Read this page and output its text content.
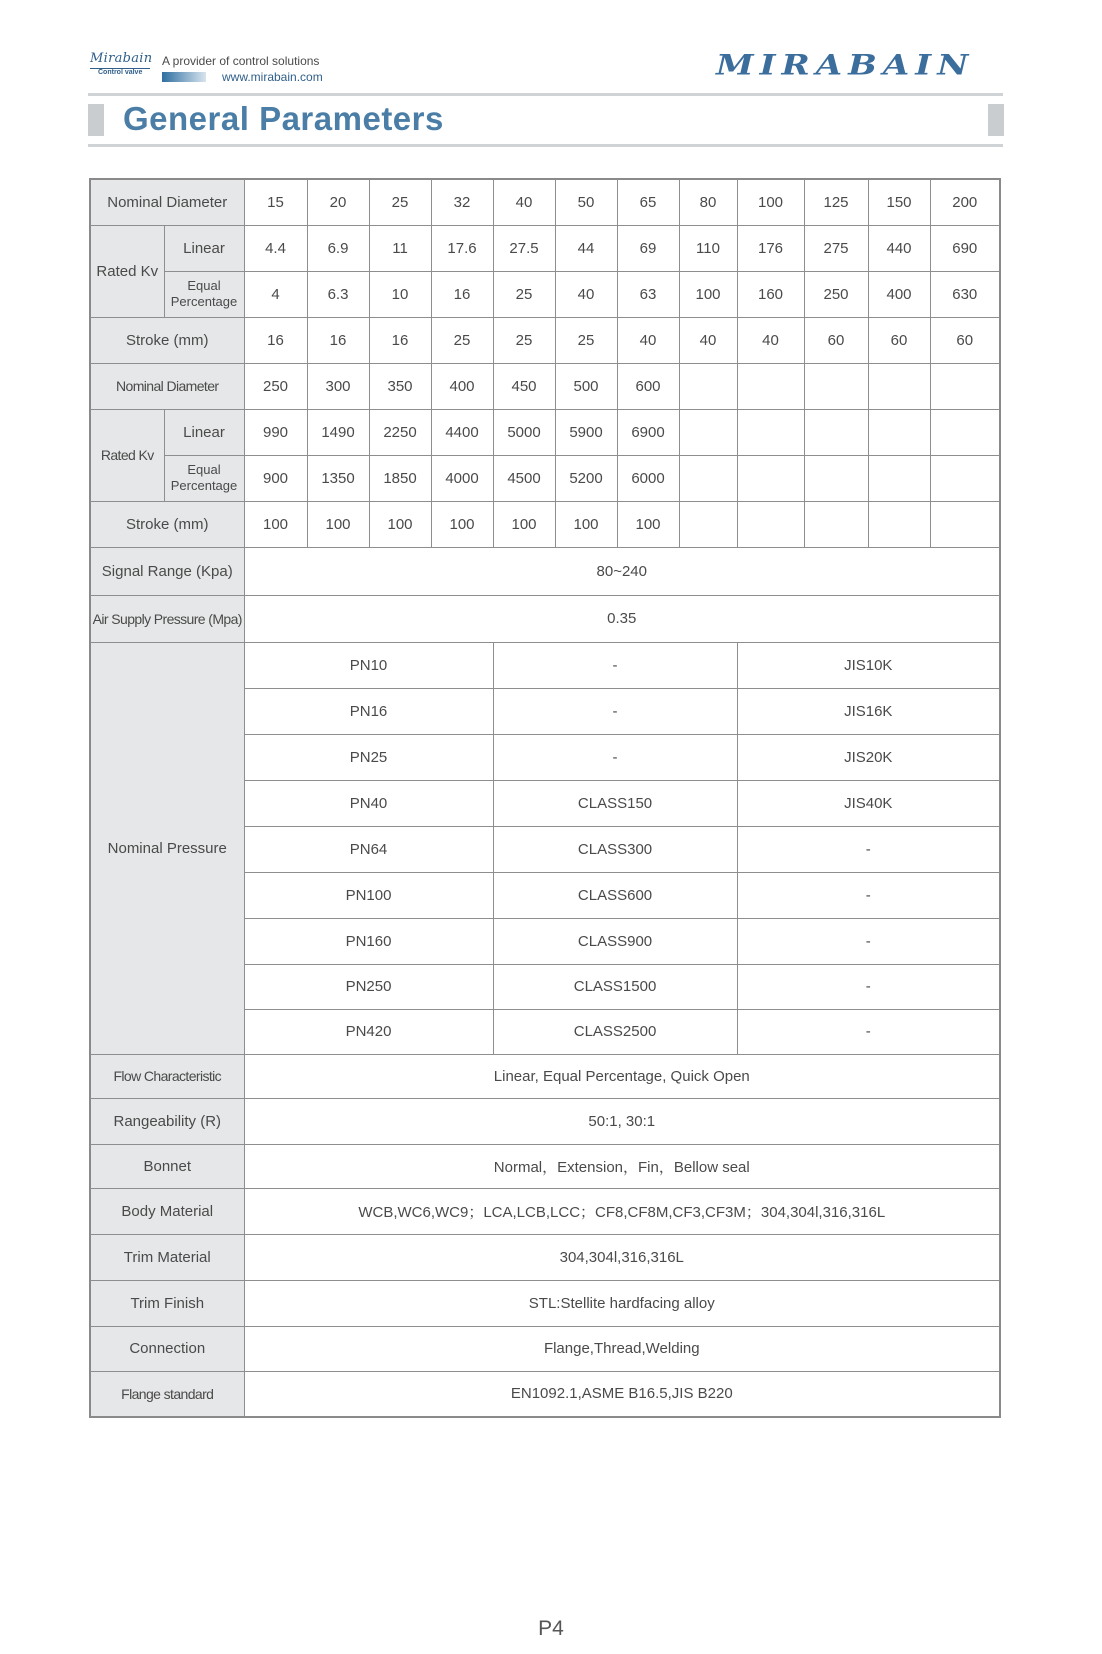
Mirabain
Control valve
A provider of control solutions
www.mirabain.com	MIRABAIN
General Parameters
Nominal Diameter		15	20	25	32	40	50	65	80	100	125	150	200
Rated Kv	Linear	4.4	6.9	11	17.6	27.5	44	69	110	176	275	440	690
	Equal Percentage	4	6.3	10	16	25	40	63	100	160	250	400	630
Stroke (mm)		16	16	16	25	25	25	40	40	40	60	60	60
Nominal Diameter		250	300	350	400	450	500	600					
Rated Kv	Linear	990	1490	2250	4400	5000	5900	6900					
	Equal Percentage	900	1350	1850	4000	4500	5200	6000					
Stroke (mm)		100	100	100	100	100	100	100					
Signal Range (Kpa)		80~240											
Air Supply Pressure (Mpa)		0.35											
Nominal Pressure		PN10				-				JIS10K			
		PN16				-				JIS16K			
		PN25				-				JIS20K			
		PN40				CLASS150				JIS40K			
		PN64				CLASS300				-			
		PN100				CLASS600				-			
		PN160				CLASS900				-			
		PN250				CLASS1500				-			
		PN420				CLASS2500				-			
Flow Characteristic		Linear, Equal Percentage, Quick Open											
Rangeability (R)		50:1, 30:1											
Bonnet		Normal，Extension，Fin，Bellow seal											
Body Material		WCB,WC6,WC9；LCA,LCB,LCC；CF8,CF8M,CF3,CF3M；304,304l,316,316L											
Trim Material		304,304l,316,316L											
Trim Finish		STL:Stellite hardfacing alloy											
Connection		Flange,Thread,Welding											
Flange standard		EN1092.1,ASME B16.5,JIS B220											
P4
